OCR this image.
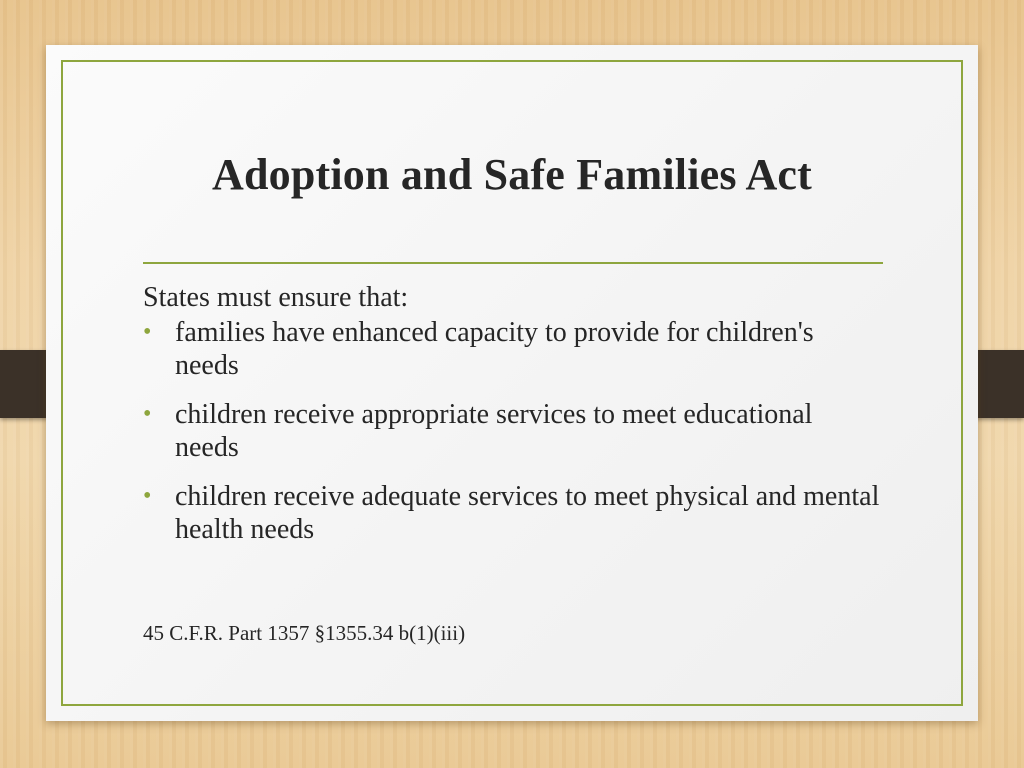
Adoption and Safe Families Act

States must ensure that:

• families have enhanced capacity to provide for children's needs
• children receive appropriate services to meet educational needs
• children receive adequate services to meet physical and mental health needs
45 C.F.R. Part 1357 §1355.34 b(1)(iii)
